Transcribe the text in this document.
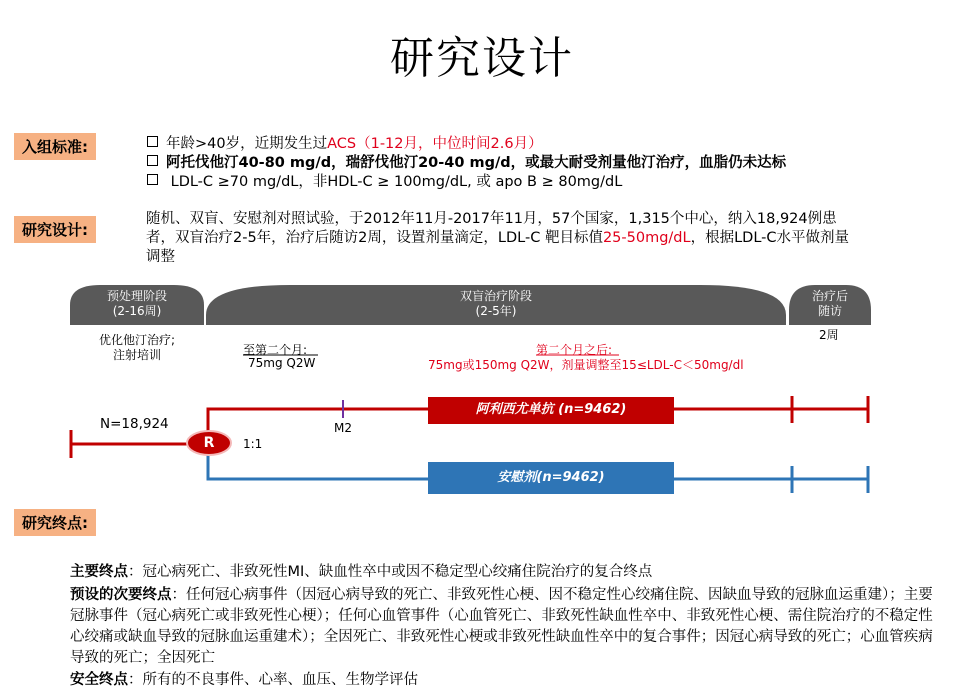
研究设计
入组标准:	年龄>40岁，近期发生过ACS（1-12月，中位时间2.6月）
阿托伐他汀40-80 mg/d，瑞舒伐他汀20-40 mg/d，或最大耐受剂量他汀治疗，血脂仍未达标
LDL-C ≥70 mg/dL，非HDL-C ≥ 100mg/dL, 或 apo B ≥ 80mg/dL
研究设计:
随机、双盲、安慰剂对照试验，于2012年11月-2017年11月，57个国家，1,315个中心，纳入18,924例患者，双盲治疗2-5年，治疗后随访2周，设置剂量滴定，LDL-C 靶目标值25-50mg/dL，根据LDL-C水平做剂量调整
预处理阶段
(2-16周)
双盲治疗阶段
(2-5年)
治疗后
随访
优化他汀治疗;
注射培训	至第二个月:
75mg Q2W
第二个月之后:
75mg或150mg Q2W，剂量调整至15≤LDL-C＜50mg/dl
2周
N=18,924
R	1:1
M2
阿利西尤单抗 (n=9462)
安慰剂(n=9462)
研究终点:
主要终点：冠心病死亡、非致死性MI、缺血性卒中或因不稳定型心绞痛住院治疗的复合终点
预设的次要终点：任何冠心病事件（因冠心病导致的死亡、非致死性心梗、因不稳定性心绞痛住院、因缺血导致的冠脉血运重建）；主要冠脉事件（冠心病死亡或非致死性心梗）；任何心血管事件（心血管死亡、非致死性缺血性卒中、非致死性心梗、需住院治疗的不稳定性心绞痛或缺血导致的冠脉血运重建术）；全因死亡、非致死性心梗或非致死性缺血性卒中的复合事件；因冠心病导致的死亡；心血管疾病导致的死亡；全因死亡
安全终点：所有的不良事件、心率、血压、生物学评估
